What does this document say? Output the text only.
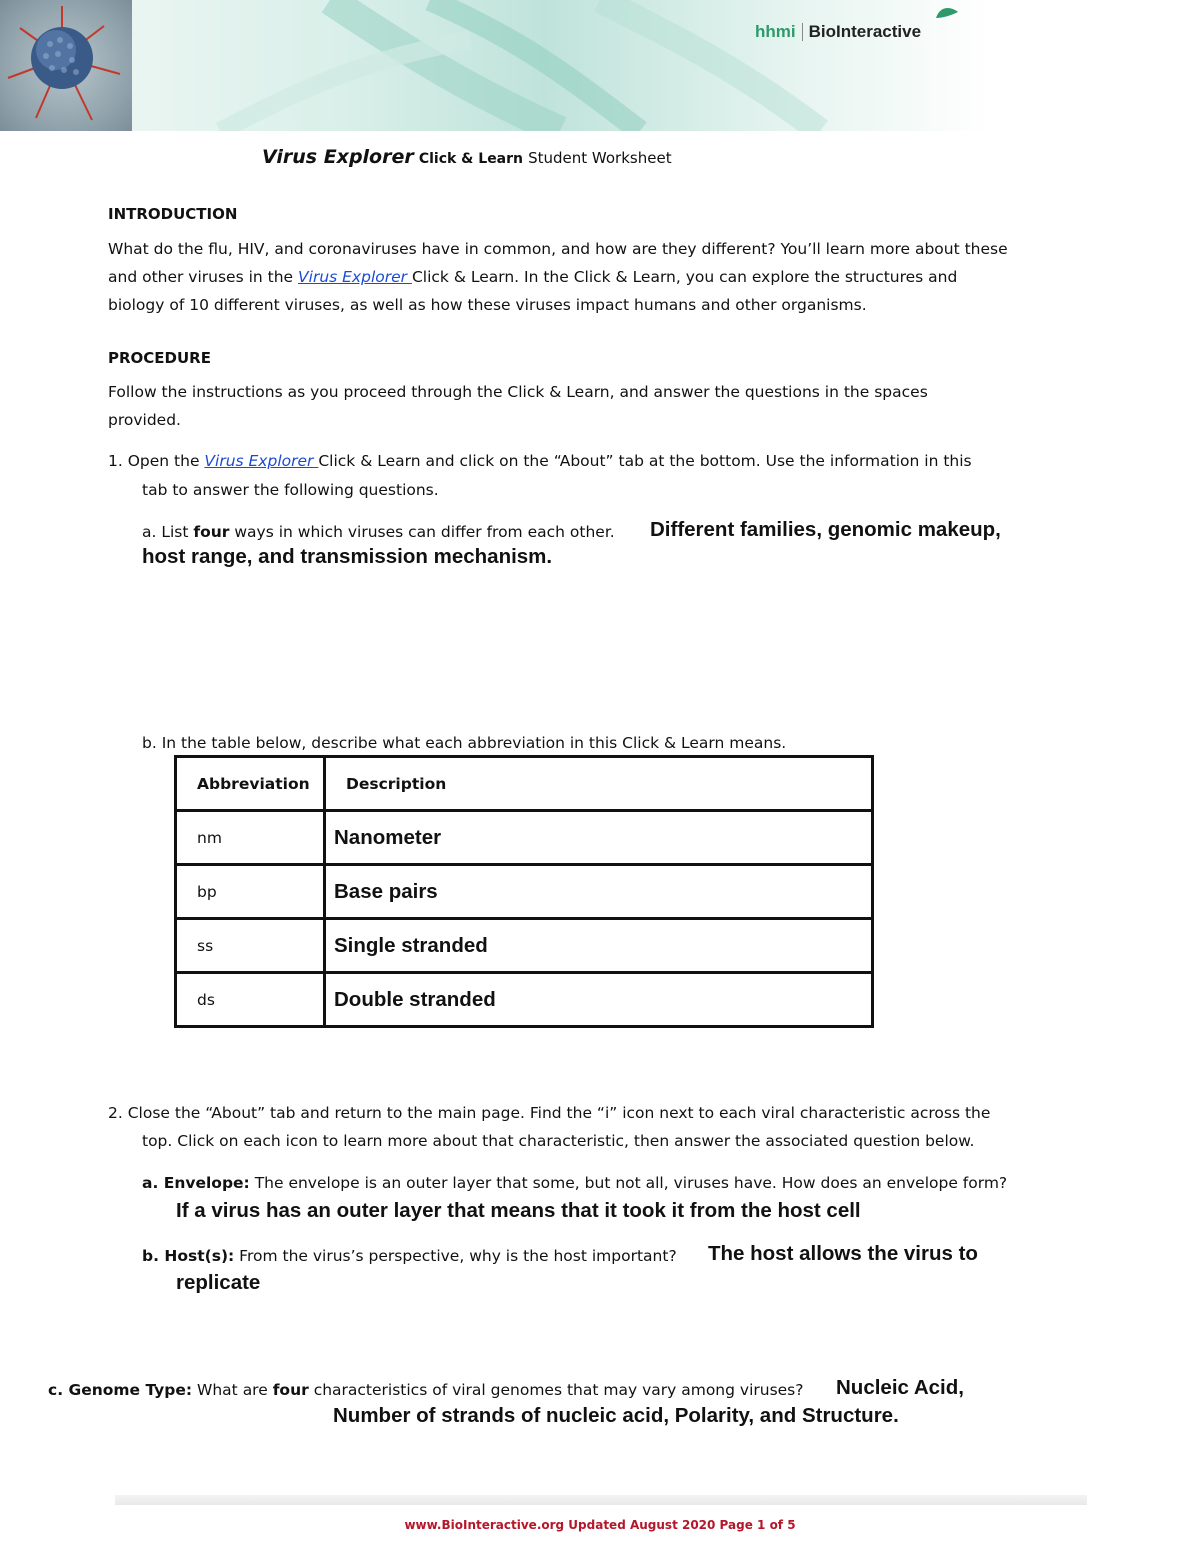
hhmi BioInteractive
Virus Explorer Click & Learn Student Worksheet
INTRODUCTION
What do the flu, HIV, and coronaviruses have in common, and how are they different? You’ll learn more about these
and other viruses in the Virus Explorer Click & Learn. In the Click & Learn, you can explore the structures and
biology of 10 different viruses, as well as how these viruses impact humans and other organisms.
PROCEDURE
Follow the instructions as you proceed through the Click & Learn, and answer the questions in the spaces
provided.
1. Open the Virus Explorer Click & Learn and click on the “About” tab at the bottom. Use the information in this
tab to answer the following questions.
a. List four ways in which viruses can differ from each other. Different families, genomic makeup,
host range, and transmission mechanism.
b. In the table below, describe what each abbreviation in this Click & Learn means.
Abbreviation	Description
nm	Nanometer
bp	Base pairs
ss	Single stranded
ds	Double stranded
2. Close the “About” tab and return to the main page. Find the “i” icon next to each viral characteristic across the
top. Click on each icon to learn more about that characteristic, then answer the associated question below.
a. Envelope: The envelope is an outer layer that some, but not all, viruses have. How does an envelope form?
If a virus has an outer layer that means that it took it from the host cell
b. Host(s): From the virus’s perspective, why is the host important? The host allows the virus to
replicate
c. Genome Type: What are four characteristics of viral genomes that may vary among viruses? Nucleic Acid,
Number of strands of nucleic acid, Polarity, and Structure.
www.BioInteractive.org Updated August 2020 Page 1 of 5
